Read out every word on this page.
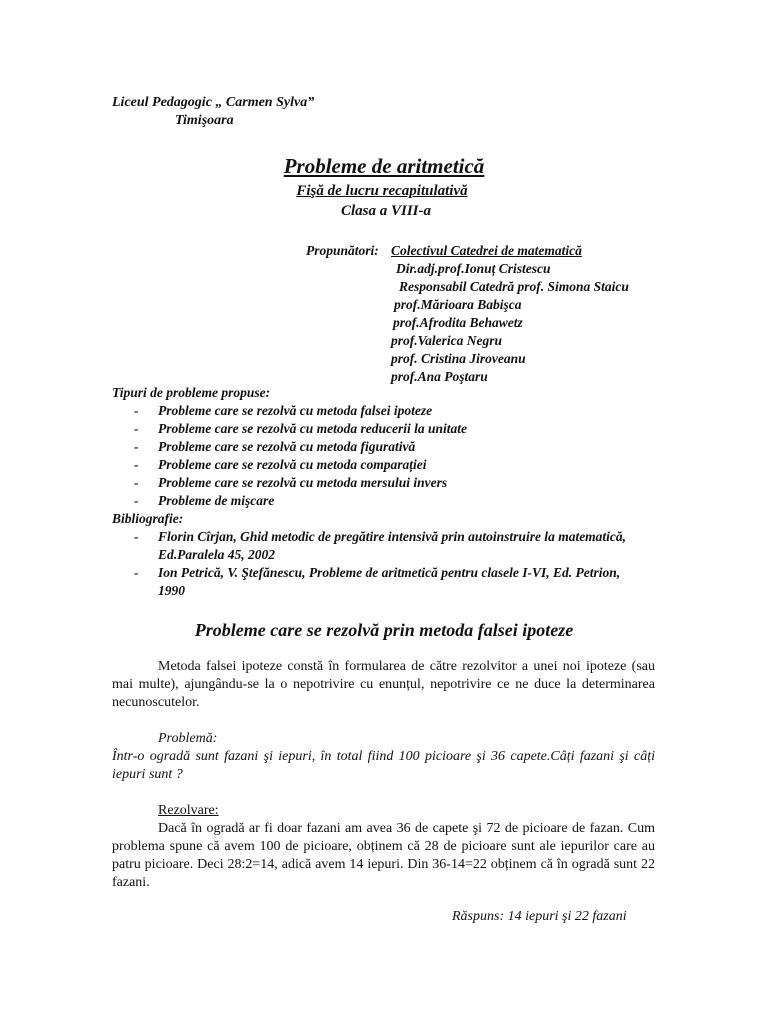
Liceul Pedagogic „ Carmen Sylva”
Timişoara
Probleme de aritmetică
Fişă de lucru recapitulativă
Clasa a VIII-a
Propunători: Colectivul Catedrei de matematică
Dir.adj.prof.Ionuț Cristescu
Responsabil Catedră prof. Simona Staicu
prof.Mărioara Babişca
prof.Afrodita Behawetz
prof.Valerica Negru
prof. Cristina Jiroveanu
prof.Ana Poştaru
Tipuri de probleme propuse:
- Probleme care se rezolvă cu metoda falsei ipoteze
- Probleme care se rezolvă cu metoda reducerii la unitate
- Probleme care se rezolvă cu metoda figurativă
- Probleme care se rezolvă cu metoda comparației
- Probleme care se rezolvă cu metoda mersului invers
- Probleme de mişcare
Bibliografie:
- Florin Cîrjan, Ghid metodic de pregătire intensivă prin autoinstruire la matematică, Ed.Paralela 45, 2002
- Ion Petrică, V. Ştefănescu, Probleme de aritmetică pentru clasele I-VI, Ed. Petrion, 1990
Probleme care se rezolvă prin metoda falsei ipoteze

Metoda falsei ipoteze constă în formularea de către rezolvitor a unei noi ipoteze (sau mai multe), ajungându-se la o nepotrivire cu enunțul, nepotrivire ce ne duce la determinarea necunoscutelor.

Problemă:

Într-o ogradă sunt fazani şi iepuri, în total fiind 100 picioare şi 36 capete.Câți fazani şi câți iepuri sunt ?

Rezolvare:

Dacă în ogradă ar fi doar fazani am avea 36 de capete şi 72 de picioare de fazan. Cum problema spune că avem 100 de picioare, obținem că 28 de picioare sunt ale iepurilor care au patru picioare. Deci 28:2=14, adică avem 14 iepuri. Din 36-14=22 obținem că în ogradă sunt 22 fazani.

Răspuns: 14 iepuri şi 22 fazani
